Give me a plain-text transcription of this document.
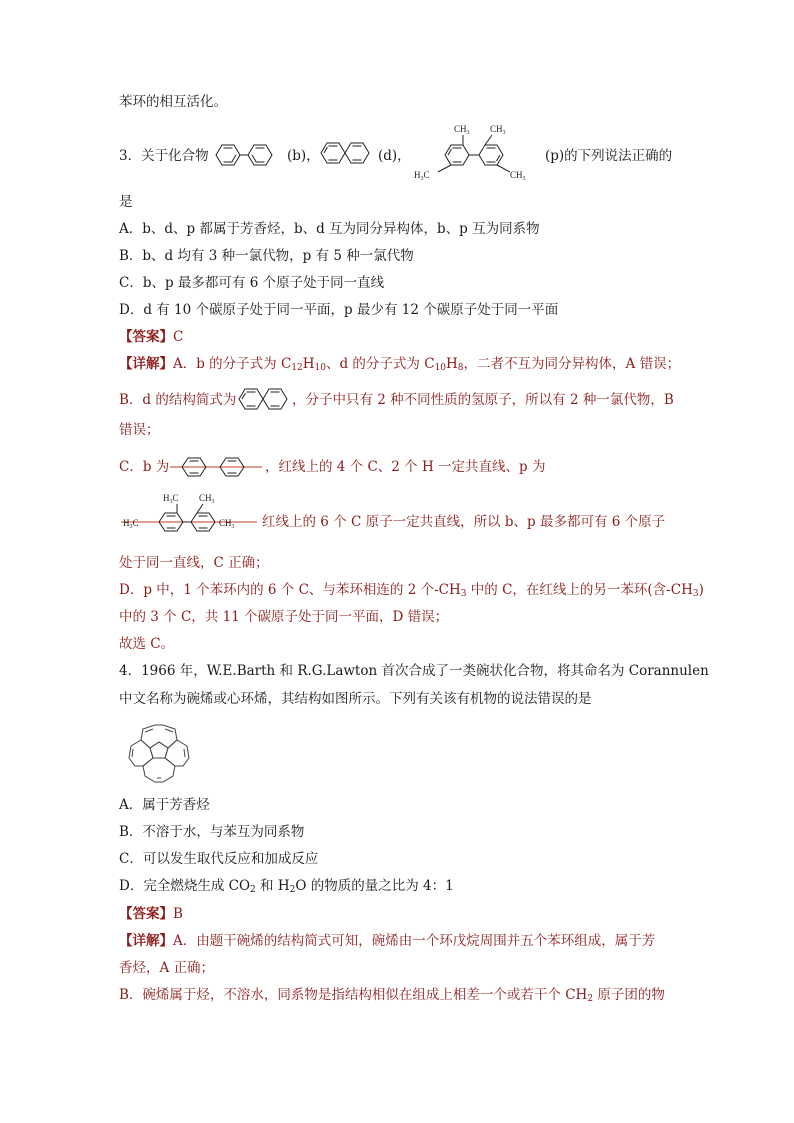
苯环的相互活化。
3．关于化合物	(b)，	(d)，
$CH_3$ $CH_3$
$H_3C$	$CH_3$
(p)的下列说法正确的
是
A．b、d、p 都属于芳香烃，b、d 互为同分异构体，b、p 互为同系物
B．b、d 均有 3 种一氯代物，p 有 5 种一氯代物
C．b、p 最多都可有 6 个原子处于同一直线
D．d 有 10 个碳原子处于同一平面，p 最少有 12 个碳原子处于同一平面
【答案】C
【详解】A．b 的分子式为 $C_{12}H_{10}$、d 的分子式为 $C_{10}H_8$，二者不互为同分异构体，A 错误；
B．d 的结构简式为	，分子中只有 2 种不同性质的氢原子，所以有 2 种一氯代物，B
错误；
C．b 为	，红线上的 4 个 C、2 个 H 一定共直线、p 为
$H_3C$ $CH_3$
$H_3C$	$CH_3$ 红线上的 6 个 C 原子一定共直线，所以 b、p 最多都可有 6 个原子
处于同一直线，C 正确；
D．p 中，1 个苯环内的 6 个 C、与苯环相连的 2 个$-CH_3$ 中的 C，在红线上的另一苯环(含$-CH_3$)
中的 3 个 C，共 11 个碳原子处于同一平面，D 错误；
故选 C。
4．1966 年，W.E.Barth 和 R.G.Lawton 首次合成了一类碗状化合物，将其命名为 Corannulen
中文名称为碗烯或心环烯，其结构如图所示。下列有关该有机物的说法错误的是
A．属于芳香烃
B．不溶于水，与苯互为同系物
C．可以发生取代反应和加成反应
D．完全燃烧生成 $CO_2$ 和 $H_2O$ 的物质的量之比为 4：1
【答案】B
【详解】A．由题干碗烯的结构简式可知，碗烯由一个环戊烷周围并五个苯环组成，属于芳
香烃，A 正确；
B．碗烯属于烃，不溶水，同系物是指结构相似在组成上相差一个或若干个 $CH_2$ 原子团的物
